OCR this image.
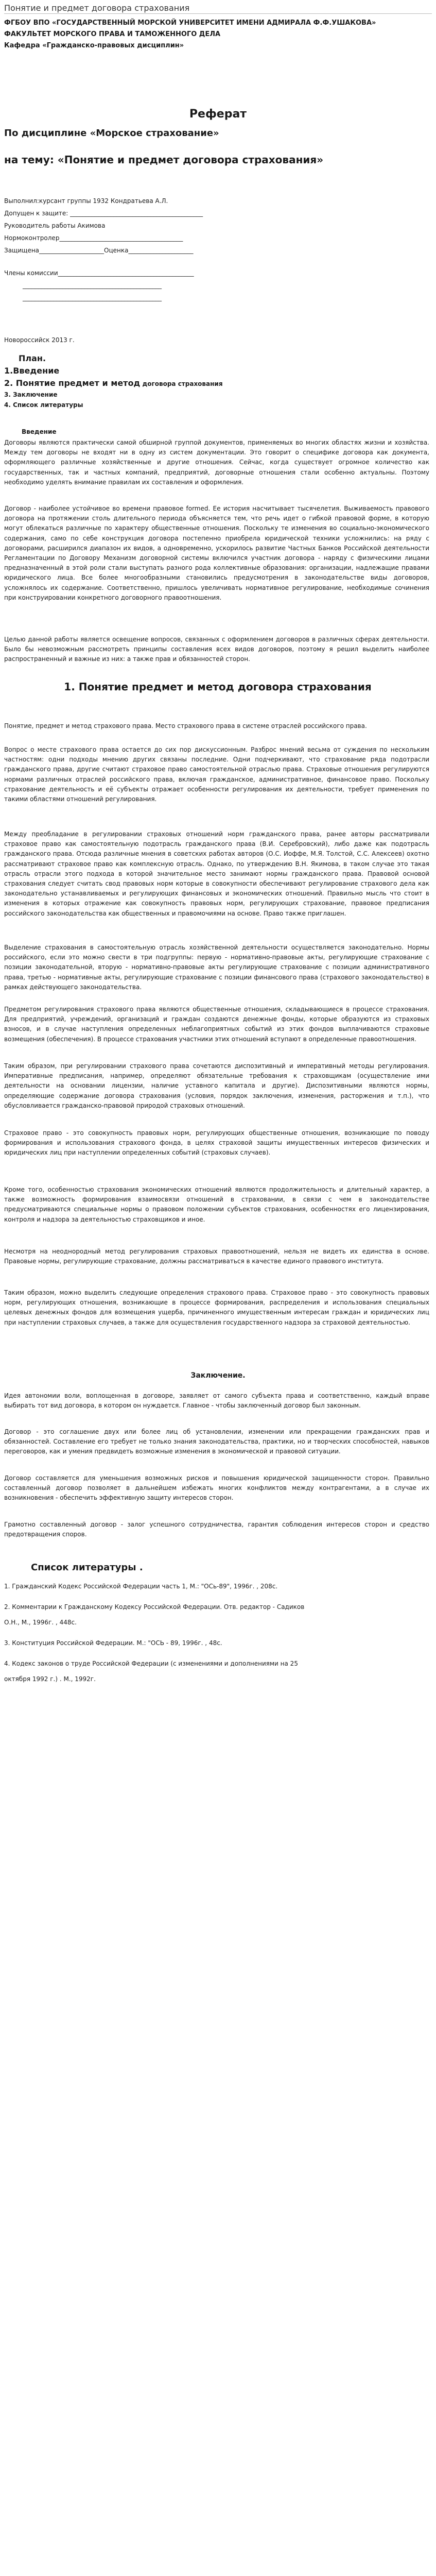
Понятие и предмет договора страхования
ФГБОУ ВПО «ГОСУДАРСТВЕННЫЙ МОРСКОЙ УНИВЕРСИТЕТ ИМЕНИ АДМИРАЛА Ф.Ф.УШАКОВА»
ФАКУЛЬТЕТ МОРСКОГО ПРАВА И ТАМОЖЕННОГО ДЕЛА
Кафедра «Гражданско-правовых дисциплин»
Реферат
По дисциплине «Морское страхование»
на тему: «Понятие и предмет договора страхования»
Выполнил:курсант группы 1932 Кондратьева А.Л.
Допущен к защите: ___________________________________________
Руководитель работы Акимова
Нормоконтролер________________________________________
Защищена_____________________Оценка_____________________
Члены комиссии____________________________________________
_____________________________________________
_____________________________________________
Новороссийск 2013 г.
План.
1.Введение
2. Понятие предмет и метод договора страхования
3. Заключение
4. Список литературы
Введение

Договоры являются практически самой обширной группой документов, применяемых во многих областях жизни и хозяйства. Между тем договоры не входят ни в одну из систем документации. Это говорит о специфике договора как документа, оформляющего различные хозяйственные и другие отношения. Сейчас, когда существует огромное количество как государственных, так и частных компаний, предприятий, договорные отношения стали особенно актуальны. Поэтому необходимо уделять внимание правилам их составления и оформления.

Договор - наиболее устойчивое во времени правовое formed. Ее история насчитывает тысячелетия. Выживаемость правового договора на протяжении столь длительного периода объясняется тем, что речь идет о гибкой правовой форме, в которую могут облекаться различные по характеру общественные отношения. Поскольку те изменения во социально-экономического содержания, само по себе конструкция договора постепенно приобрела юридической техники усложнились: на ряду с договорами, расширился диапазон их видов, а одновременно, ускорилось развитие Частных Банков Российской деятельности Регламентации по Договору Механизм договорной системы включился участник договора - наряду с физическими лицами предназначенный в этой роли стали выступать разного рода коллективные образования: организации, надлежащие правами юридического лица. Все более многообразными становились предусмотрения в законодательстве виды договоров, усложнялось их содержание. Соответственно, пришлось увеличивать нормативное регулирование, необходимые сочинения при конструировании конкретного договорного правоотношения.

Целью данной работы является освещение вопросов, связанных с оформлением договоров в различных сферах деятельности. Было бы невозможным рассмотреть принципы составления всех видов договоров, поэтому я решил выделить наиболее распространенный и важные из них: а также прав и обязанностей сторон.

1. Понятие предмет и метод договора страхования

Понятие, предмет и метод страхового права. Место страхового права в системе отраслей российского права.

Вопрос о месте страхового права остается до сих пор дискуссионным. Разброс мнений весьма от суждения по нескольким частностям: одни подходы мнению других связаны последние. Одни подчеркивают, что страхование ряда подотрасли гражданского права, другие считают страховое право самостоятельной отраслью права. Страховые отношения регулируются нормами различных отраслей российского права, включая гражданское, административное, финансовое право. Поскольку страхование деятельность и её субъекты отражает особенности регулирования их деятельности, требует применения по такими областями отношений регулирования.

Между преобладание в регулировании страховых отношений норм гражданского права, ранее авторы рассматривали страховое право как самостоятельную подотрасль гражданского права (В.И. Серебровский), либо даже как подотрасль гражданского права. Отсюда различные мнения в советских работах авторов (О.С. Иоффе, М.Я. Толстой, С.С. Алексеев) охотно рассматривают страховое право как комплексную отрасль. Однако, по утверждению В.Н. Якимова, в таком случае это такая отрасль отрасли этого подхода в которой значительное место занимают нормы гражданского права. Правовой основой страхования следует считать свод правовых норм которые в совокупности обеспечивают регулирование страхового дела как законодательно устанавливаемых и регулирующих финансовых и экономических отношений. Правильно мысль что стоит в изменения в которых отражение как совокупность правовых норм, регулирующих страхование, правовое предписания российского законодательства как общественных и правомочиями на основе. Право также приглашен.

Выделение страхования в самостоятельную отрасль хозяйственной деятельности осуществляется законодательно. Нормы российского, если это можно свести в три подгруппы: первую - нормативно-правовые акты, регулирующие страхование с позиции законодательной, вторую - нормативно-правовые акты регулирующие страхование с позиции административного права, третью - нормативные акты, регулирующие страхование с позиции финансового права (страхового законодательство) в рамках действующего законодательства.

Предметом регулирования страхового права являются общественные отношения, складывающиеся в процессе страхования. Для предприятий, учреждений, организаций и граждан создаются денежные фонды, которые образуются из страховых взносов, и в случае наступления определенных неблагоприятных событий из этих фондов выплачиваются страховые возмещения (обеспечения). В процессе страхования участники этих отношений вступают в определенные правоотношения.

Таким образом, при регулировании страхового права сочетаются диспозитивный и императивный методы регулирования. Императивные предписания, например, определяют обязательные требования к страховщикам (осуществление ими деятельности на основании лицензии, наличие уставного капитала и другие). Диспозитивными являются нормы, определяющие содержание договора страхования (условия, порядок заключения, изменения, расторжения и т.п.), что обусловливается гражданско-правовой природой страховых отношений.

Страховое право - это совокупность правовых норм, регулирующих общественные отношения, возникающие по поводу формирования и использования страхового фонда, в целях страховой защиты имущественных интересов физических и юридических лиц при наступлении определенных событий (страховых случаев).

Кроме того, особенностью страхования экономических отношений являются продолжительность и длительный характер, а также возможность формирования взаимосвязи отношений в страховании, в связи с чем в законодательстве предусматриваются специальные нормы о правовом положении субъектов страхования, особенностях его лицензирования, контроля и надзора за деятельностью страховщиков и иное.

Несмотря на неоднородный метод регулирования страховых правоотношений, нельзя не видеть их единства в основе. Правовые нормы, регулирующие страхование, должны рассматриваться в качестве единого правового института.

Таким образом, можно выделить следующие определения страхового права. Страховое право - это совокупность правовых норм, регулирующих отношения, возникающие в процессе формирования, распределения и использования специальных целевых денежных фондов для возмещения ущерба, причиненного имущественным интересам граждан и юридических лиц при наступлении страховых случаев, а также для осуществления государственного надзора за страховой деятельностью.

Заключение.

Идея автономии воли, воплощенная в договоре, заявляет от самого субъекта права и соответственно, каждый вправе выбирать тот вид договора, в котором он нуждается. Главное - чтобы заключенный договор был законным.

Договор - это соглашение двух или более лиц об установлении, изменении или прекращении гражданских прав и обязанностей. Составление его требует не только знания законодательства, практики, но и творческих способностей, навыков переговоров, как и умения предвидеть возможные изменения в экономической и правовой ситуации.

Договор составляется для уменьшения возможных рисков и повышения юридической защищенности сторон. Правильно составленный договор позволяет в дальнейшем избежать многих конфликтов между контрагентами, а в случае их возникновения - обеспечить эффективную защиту интересов сторон.

Грамотно составленный договор - залог успешного сотрудничества, гарантия соблюдения интересов сторон и средство предотвращения споров.

Список литературы .
1. Гражданский Кодекс Российской Федерации часть 1, М.: "ОСь-89", 1996г. , 208с.
2. Комментарии к Гражданскому Кодексу Российской Федерации. Отв. редактор - Садиков
О.Н., М., 1996г. , 448с.
3. Конституция Российской Федерации. М.: "ОСЬ - 89, 1996г. , 48с.
4. Кодекс законов о труде Российской Федерации (с изменениями и дополнениями на 25
октября 1992 г.) . М., 1992г.
